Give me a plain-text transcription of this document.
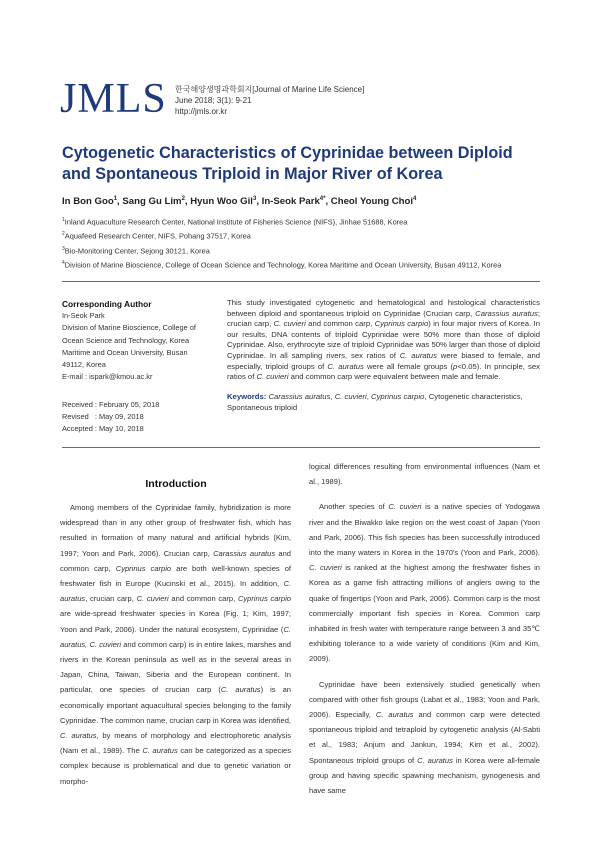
JMLS 한국해양생명과학회지[Journal of Marine Life Science]
June 2018; 3(1): 9-21
http://jmls.or.kr
Cytogenetic Characteristics of Cyprinidae between Diploid and Spontaneous Triploid in Major River of Korea
In Bon Goo$^1$, Sang Gu Lim$^2$, Hyun Woo Gil$^3$, In-Seok Park$^{4*}$, Cheol Young Choi$^4$
$^1$Inland Aquaculture Research Center, National Institute of Fisheries Science (NIFS), Jinhae 51688, Korea
$^2$Aquafeed Research Center, NIFS, Pohang 37517, Korea
$^3$Bio-Monitoring Center, Sejong 30121, Korea
$^4$Division of Marine Bioscience, College of Ocean Science and Technology, Korea Maritime and Ocean University, Busan 49112, Korea
Corresponding Author
In-Seok Park
Division of Marine Bioscience, College of
Ocean Science and Technology, Korea
Maritime and Ocean University, Busan
49112, Korea
E-mail : ispark@kmou.ac.kr
Received : February 05, 2018
Revised   : May 09, 2018
Accepted : May 10, 2018
This study investigated cytogenetic and hematological and histological characteristics between diploid and spontaneous triploid on Cyprinidae (Crucian carp, Carassius auratus; crucian carp, C. cuvieri and common carp, Cyprinus carpio) in four major rivers of Korea. In our results, DNA contents of triploid Cyprinidae were 50% more than those of diploid Cyprinidae. Also, erythrocyte size of triploid Cyprinidae was 50% larger than those of diploid Cyprinidae. In all sampling rivers, sex ratios of C. auratus were biased to female, and especially, triploid groups of C. auratus were all female groups (p<0.05). In principle, sex ratios of C. cuvieri and common carp were equivalent between male and female.
Keywords: Carassius auratus, C. cuvieri, Cyprinus carpio, Cytogenetic characteristics, Spontaneous triploid
Introduction

Among members of the Cyprinidae family, hybridization is more widespread than in any other group of freshwater fish, which has resulted in formation of many natural and artificial hybrids (Kim, 1997; Yoon and Park, 2006). Crucian carp, Carassius auratus and common carp, Cyprinus carpio are both well-known species of freshwater fish in Europe (Kucinski et al., 2015). In addition, C. auratus, crucian carp, C. cuvieri and common carp, Cyprinus carpio are wide-spread freshwater species in Korea (Fig. 1; Kim, 1997; Yoon and Park, 2006). Under the natural ecosystem, Cyprinidae (C. auratus, C. cuvieri and common carp) is in entire lakes, marshes and rivers in the Korean peninsula as well as in the several areas in Japan, China, Taiwan, Siberia and the European continent. In particular, one species of crucian carp (C. auratus) is an economically important aquacultural species belonging to the family Cyprinidae. The common name, crucian carp in Korea was identified, C. auratus, by means of morphology and electrophoretic analysis (Nam et al., 1989). The C. auratus can be categorized as a species complex because is problematical and due to genetic variation or morpho-

logical differences resulting from environmental influences (Nam et al., 1989).

Another species of C. cuvieri is a native species of Yodogawa river and the Biwakko lake region on the west coast of Japan (Yoon and Park, 2006). This fish species has been successfully introduced into the many waters in Korea in the 1970's (Yoon and Park, 2006). C. cuvieri is ranked at the highest among the freshwater fishes in Korea as a game fish attracting millions of anglers owing to the quake of fingertips (Yoon and Park, 2006). Common carp is the most commercially important fish species in Korea. Common carp inhabited in fresh water with temperature range between 3 and 35℃ exhibiting tolerance to a wide variety of conditions (Kim and Kim, 2009).

Cyprinidae have been extensively studied genetically when compared with other fish groups (Labat et al., 1983; Yoon and Park, 2006). Especially, C. auratus and common carp were detected spontaneous triploid and tetraploid by cytogenetic analysis (Al-Sabti et al., 1983; Anjum and Jankun, 1994; Kim et al., 2002). Spontaneous triploid groups of C. auratus in Korea were all-female group and having specific spawning mechanism, gynogenesis and have same
